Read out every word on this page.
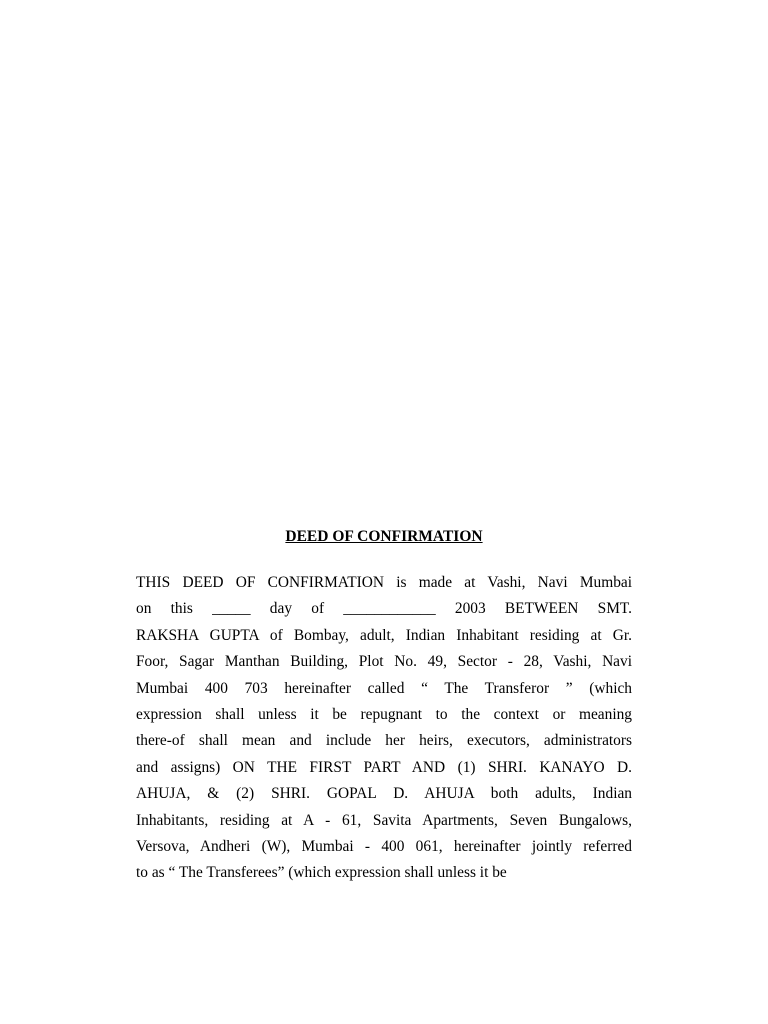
DEED OF CONFIRMATION
THIS DEED OF CONFIRMATION is made at Vashi, Navi Mumbai
on this _____ day of ____________ 2003 BETWEEN SMT.
RAKSHA GUPTA of Bombay, adult, Indian Inhabitant residing at Gr.
Foor, Sagar Manthan Building, Plot No. 49, Sector - 28, Vashi, Navi
Mumbai 400 703 hereinafter called “ The Transferor ” (which
expression shall unless it be repugnant to the context or meaning
there-of shall mean and include her heirs, executors, administrators
and assigns) ON THE FIRST PART AND (1) SHRI. KANAYO D.
AHUJA, & (2) SHRI. GOPAL D. AHUJA both adults, Indian
Inhabitants, residing at A - 61, Savita Apartments, Seven Bungalows,
Versova, Andheri (W), Mumbai - 400 061, hereinafter jointly referred
to as “ The Transferees” (which expression shall unless it be
